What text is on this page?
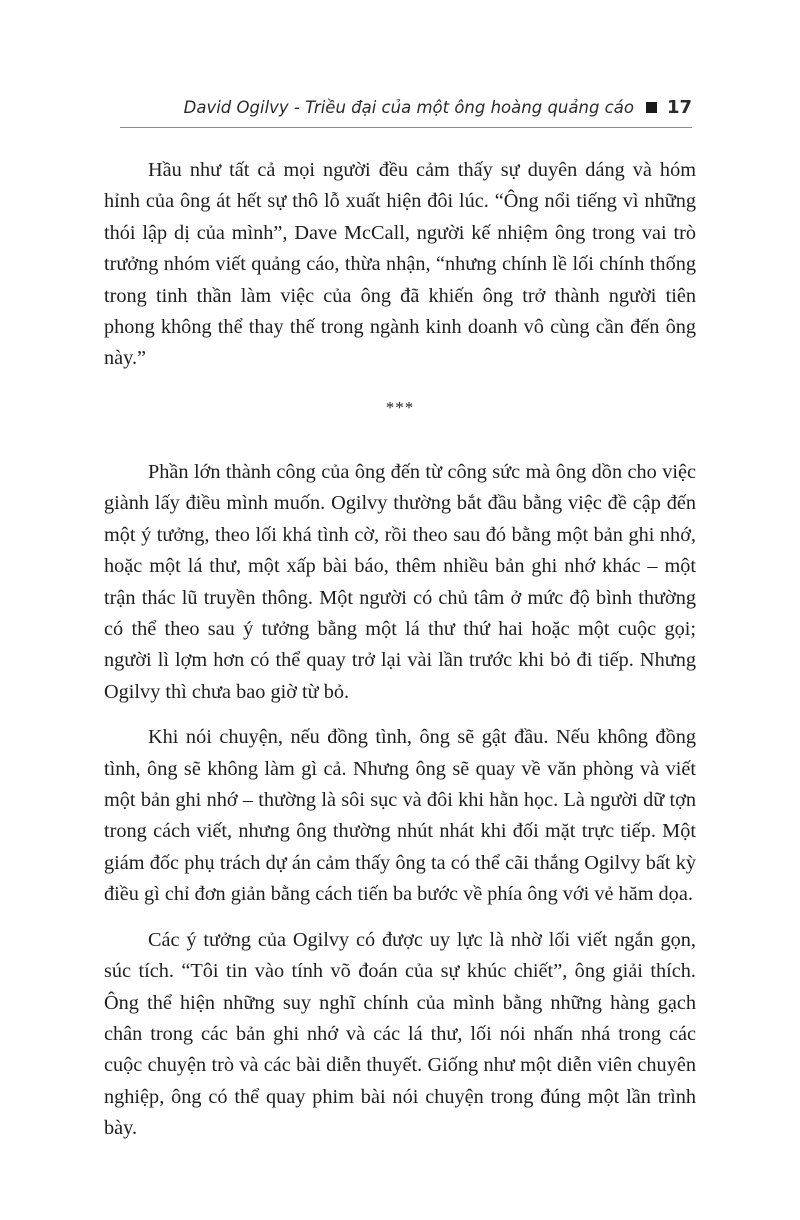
David Ogilvy - Triều đại của một ông hoàng quảng cáo 17

Hầu như tất cả mọi người đều cảm thấy sự duyên dáng và hóm hỉnh của ông át hết sự thô lỗ xuất hiện đôi lúc. “Ông nổi tiếng vì những thói lập dị của mình”, Dave McCall, người kế nhiệm ông trong vai trò trưởng nhóm viết quảng cáo, thừa nhận, “nhưng chính lề lối chính thống trong tinh thần làm việc của ông đã khiến ông trở thành người tiên phong không thể thay thế trong ngành kinh doanh vô cùng cần đến ông này.”

***

Phần lớn thành công của ông đến từ công sức mà ông dồn cho việc giành lấy điều mình muốn. Ogilvy thường bắt đầu bằng việc đề cập đến một ý tưởng, theo lối khá tình cờ, rồi theo sau đó bằng một bản ghi nhớ, hoặc một lá thư, một xấp bài báo, thêm nhiều bản ghi nhớ khác – một trận thác lũ truyền thông. Một người có chủ tâm ở mức độ bình thường có thể theo sau ý tưởng bằng một lá thư thứ hai hoặc một cuộc gọi; người lì lợm hơn có thể quay trở lại vài lần trước khi bỏ đi tiếp. Nhưng Ogilvy thì chưa bao giờ từ bỏ.

Khi nói chuyện, nếu đồng tình, ông sẽ gật đầu. Nếu không đồng tình, ông sẽ không làm gì cả. Nhưng ông sẽ quay về văn phòng và viết một bản ghi nhớ – thường là sôi sục và đôi khi hằn học. Là người dữ tợn trong cách viết, nhưng ông thường nhút nhát khi đối mặt trực tiếp. Một giám đốc phụ trách dự án cảm thấy ông ta có thể cãi thắng Ogilvy bất kỳ điều gì chỉ đơn giản bằng cách tiến ba bước về phía ông với vẻ hăm dọa.

Các ý tưởng của Ogilvy có được uy lực là nhờ lối viết ngắn gọn, súc tích. “Tôi tin vào tính võ đoán của sự khúc chiết”, ông giải thích. Ông thể hiện những suy nghĩ chính của mình bằng những hàng gạch chân trong các bản ghi nhớ và các lá thư, lối nói nhấn nhá trong các cuộc chuyện trò và các bài diễn thuyết. Giống như một diễn viên chuyên nghiệp, ông có thể quay phim bài nói chuyện trong đúng một lần trình bày.
